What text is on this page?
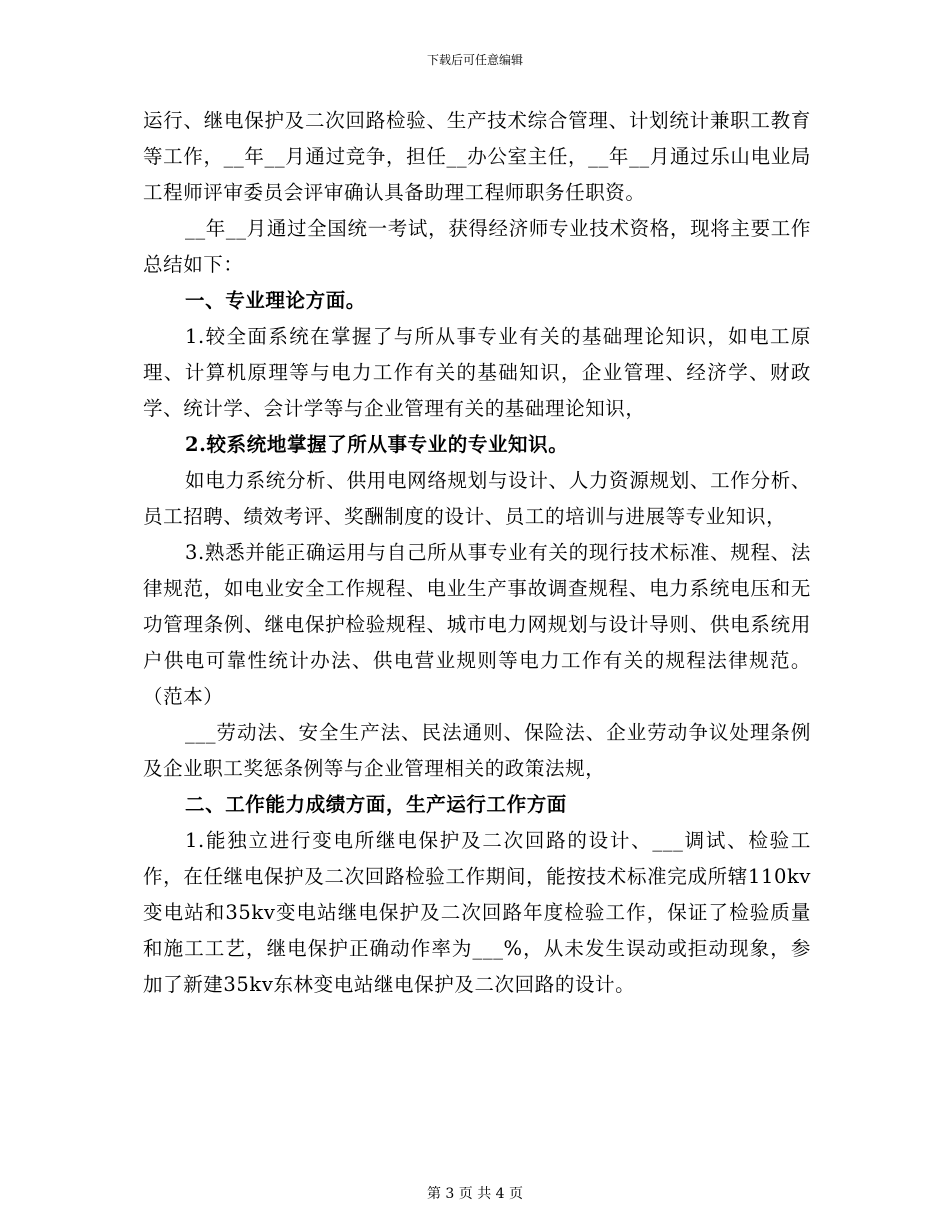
下载后可任意编辑

运行、继电保护及二次回路检验、生产技术综合管理、计划统计兼职工教育等工作，__年__月通过竞争，担任__办公室主任，__年__月通过乐山电业局工程师评审委员会评审确认具备助理工程师职务任职资。

__年__月通过全国统一考试，获得经济师专业技术资格，现将主要工作总结如下：

一、专业理论方面。

1.较全面系统在掌握了与所从事专业有关的基础理论知识，如电工原理、计算机原理等与电力工作有关的基础知识，企业管理、经济学、财政学、统计学、会计学等与企业管理有关的基础理论知识，

2.较系统地掌握了所从事专业的专业知识。

如电力系统分析、供用电网络规划与设计、人力资源规划、工作分析、员工招聘、绩效考评、奖酬制度的设计、员工的培训与进展等专业知识，

3.熟悉并能正确运用与自己所从事专业有关的现行技术标准、规程、法律规范，如电业安全工作规程、电业生产事故调查规程、电力系统电压和无功管理条例、继电保护检验规程、城市电力网规划与设计导则、供电系统用户供电可靠性统计办法、供电营业规则等电力工作有关的规程法律规范。（范本）

___劳动法、安全生产法、民法通则、保险法、企业劳动争议处理条例及企业职工奖惩条例等与企业管理相关的政策法规，

二、工作能力成绩方面，生产运行工作方面

1.能独立进行变电所继电保护及二次回路的设计、___调试、检验工作，在任继电保护及二次回路检验工作期间，能按技术标准完成所辖110kv变电站和35kv变电站继电保护及二次回路年度检验工作，保证了检验质量和施工工艺，继电保护正确动作率为___%，从未发生误动或拒动现象，参加了新建35kv东林变电站继电保护及二次回路的设计。

第 3 页 共 4 页
